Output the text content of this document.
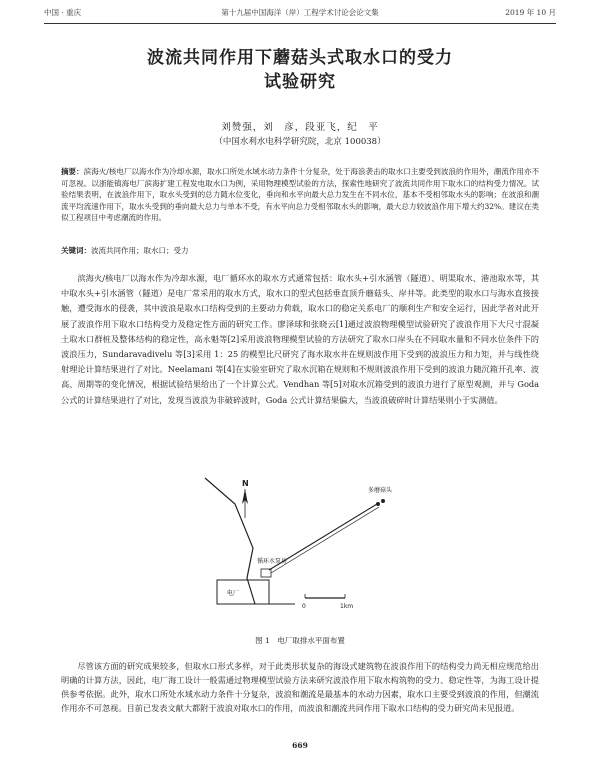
中国 · 重庆	第十九届中国海洋（岸）工程学术讨论会论文集	2019 年 10 月
波流共同作用下蘑菇头式取水口的受力
试验研究
刘赞强，刘　彦，段亚飞，纪　平
（中国水利水电科学研究院，北京 100038）
摘要：滨海火/核电厂以海水作为冷却水源，取水口所处水域水动力条件十分复杂，处于海浪袭击的取水口主要受到波浪的作用外，潮流作用亦不可忽视。以浙能镇海电厂滨海扩建工程发电取水口为例，采用物理模型试验的方法，探索性地研究了波流共同作用下取水口的结构受力情况。试验结果表明，在波浪作用下，取水头受到的总力随水位变化，垂向和水平向最大总力发生在不同水位，基本不受相邻取水头的影响；在波浪和潮流平均流速作用下，取水头受到的垂向最大总力与单本不受，有水平向总力受相邻取水头的影响，最大总力较波浪作用下增大约32%。建议在类似工程项目中考虑潮流的作用。
关键词：波流共同作用；取水口；受力
滨海火/核电厂以海水作为冷却水源，电厂循环水的取水方式通常包括：取水头+引水涵管（隧道）、明渠取水、港池取水等，其中取水头+引水涵管（隧道）是电厂常采用的取水方式，取水口的型式包括垂直顶升蘑菇头、岸井等。此类型的取水口与海水直接接触，遭受海水的侵袭，其中波浪是取水口结构受到的主要动力荷载，取水口的稳定关系电厂的顺利生产和安全运行，因此学者对此开展了波浪作用下取水口结构受力及稳定性方面的研究工作。廖泽球和张晓云[1]通过波浪物理模型试验研究了波浪作用下大尺寸混凝土取水口群桩及整体结构的稳定性，高永魁等[2]采用波浪物理模型试验的方法研究了取水口岸头在不同取水量和不同水位条件下的波浪压力，Sundaravadivelu 等[3]采用 1：25 的模型比尺研究了海水取水井在规则波作用下受到的波浪压力和力矩，并与线性绕射理论计算结果进行了对比。Neelamani 等[4]在实验室研究了取水沉箱在规则和不规则波浪作用下受到的波浪力随沉箱开孔率、波高、周期等的变化情况，根据试验结果给出了一个计算公式。Vendhan 等[5]对取水沉箱受到的波浪力进行了原型观测，并与 Goda 公式的计算结果进行了对比，发现当波浪为非破碎波时，Goda 公式计算结果偏大，当波浪破碎时计算结果则小于实测值。
多蘑菇头
N
循环水泵房
电厂
0	1km
图 1　电厂取排水平面布置
尽管该方面的研究成果较多，但取水口形式多样，对于此类形状复杂的海设式建筑物在波浪作用下的结构受力尚无相应规范给出明确的计算方法，因此，电厂海工设计一般需通过物理模型试验方法来研究波浪作用下取水构筑物的受力、稳定性等，为海工设计提供参考依据。此外，取水口所处水域水动力条件十分复杂，波浪和潮流是最基本的水动力因素，取水口主要受到波浪的作用，但潮流作用亦不可忽视。目前已发表文献大都附于波浪对取水口的作用，而波浪和潮流共同作用下取水口结构的受力研究尚未见报道。
669
